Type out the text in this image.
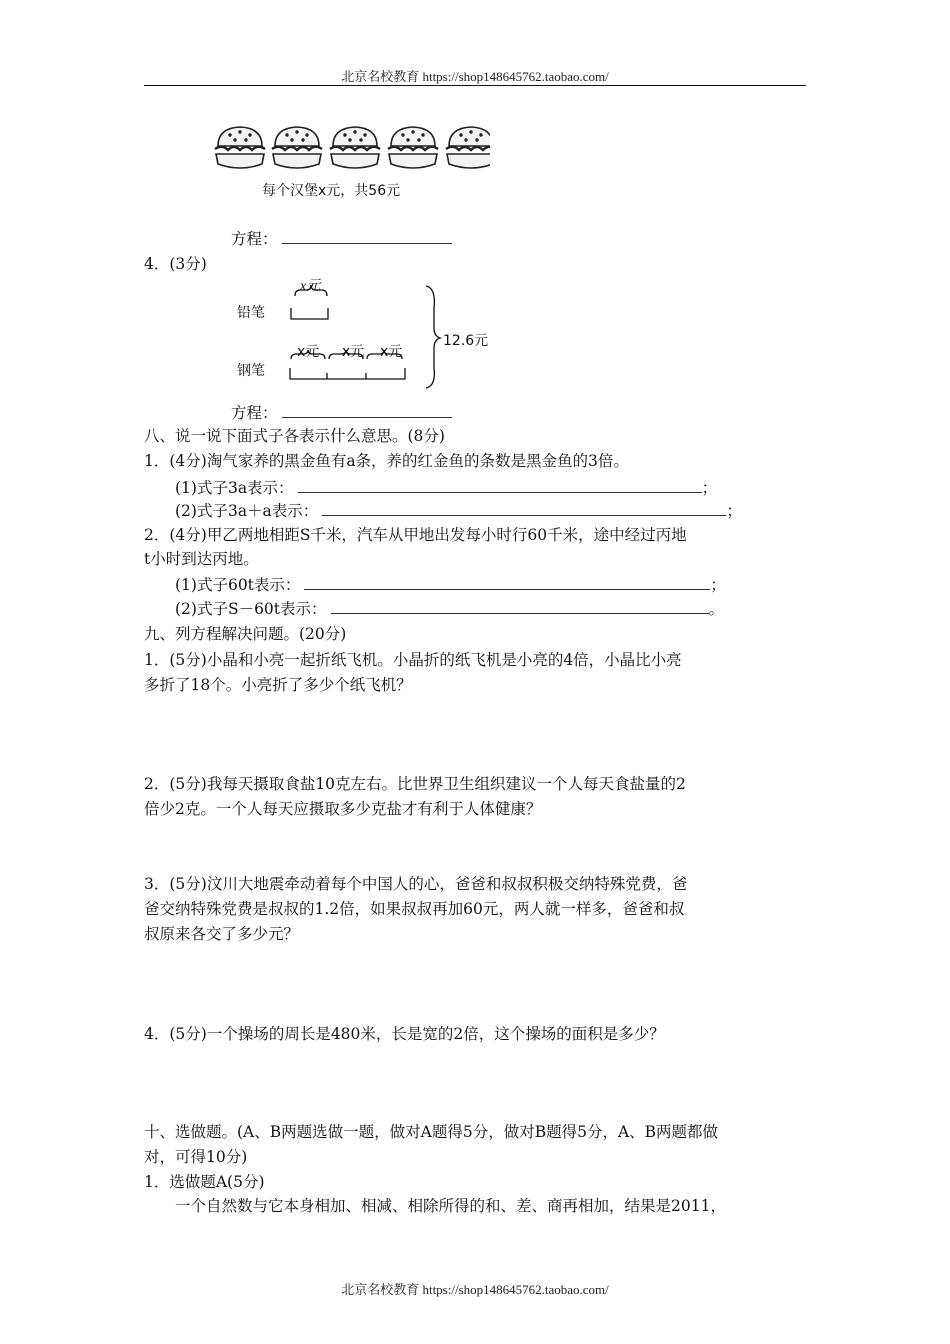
北京名校教育 https://shop148645762.taobao.com/
每个汉堡x元，共56元
方程：
4．(3分)
x元
铅笔
x元 x元 x元
12.6元
钢笔
方程：
八、说一说下面式子各表示什么意思。(8分)
1．(4分)淘气家养的黑金鱼有a条，养的红金鱼的条数是黑金鱼的3倍。
(1)式子3a表示：	；
(2)式子3a＋a表示：	；
2．(4分)甲乙两地相距S千米，汽车从甲地出发每小时行60千米，途中经过丙地
t小时到达丙地。
(1)式子60t表示：	；
(2)式子S－60t表示：	。
九、列方程解决问题。(20分)
1．(5分)小晶和小亮一起折纸飞机。小晶折的纸飞机是小亮的4倍，小晶比小亮
多折了18个。小亮折了多少个纸飞机？
2．(5分)我每天摄取食盐10克左右。比世界卫生组织建议一个人每天食盐量的2
倍少2克。一个人每天应摄取多少克盐才有利于人体健康？
3．(5分)汶川大地震牵动着每个中国人的心，爸爸和叔叔积极交纳特殊党费，爸
爸交纳特殊党费是叔叔的1.2倍，如果叔叔再加60元，两人就一样多，爸爸和叔
叔原来各交了多少元？
4．(5分)一个操场的周长是480米，长是宽的2倍，这个操场的面积是多少？
十、选做题。(A、B两题选做一题，做对A题得5分，做对B题得5分，A、B两题都做
对，可得10分)
1．选做题A(5分)
一个自然数与它本身相加、相减、相除所得的和、差、商再相加，结果是2011，
北京名校教育 https://shop148645762.taobao.com/
